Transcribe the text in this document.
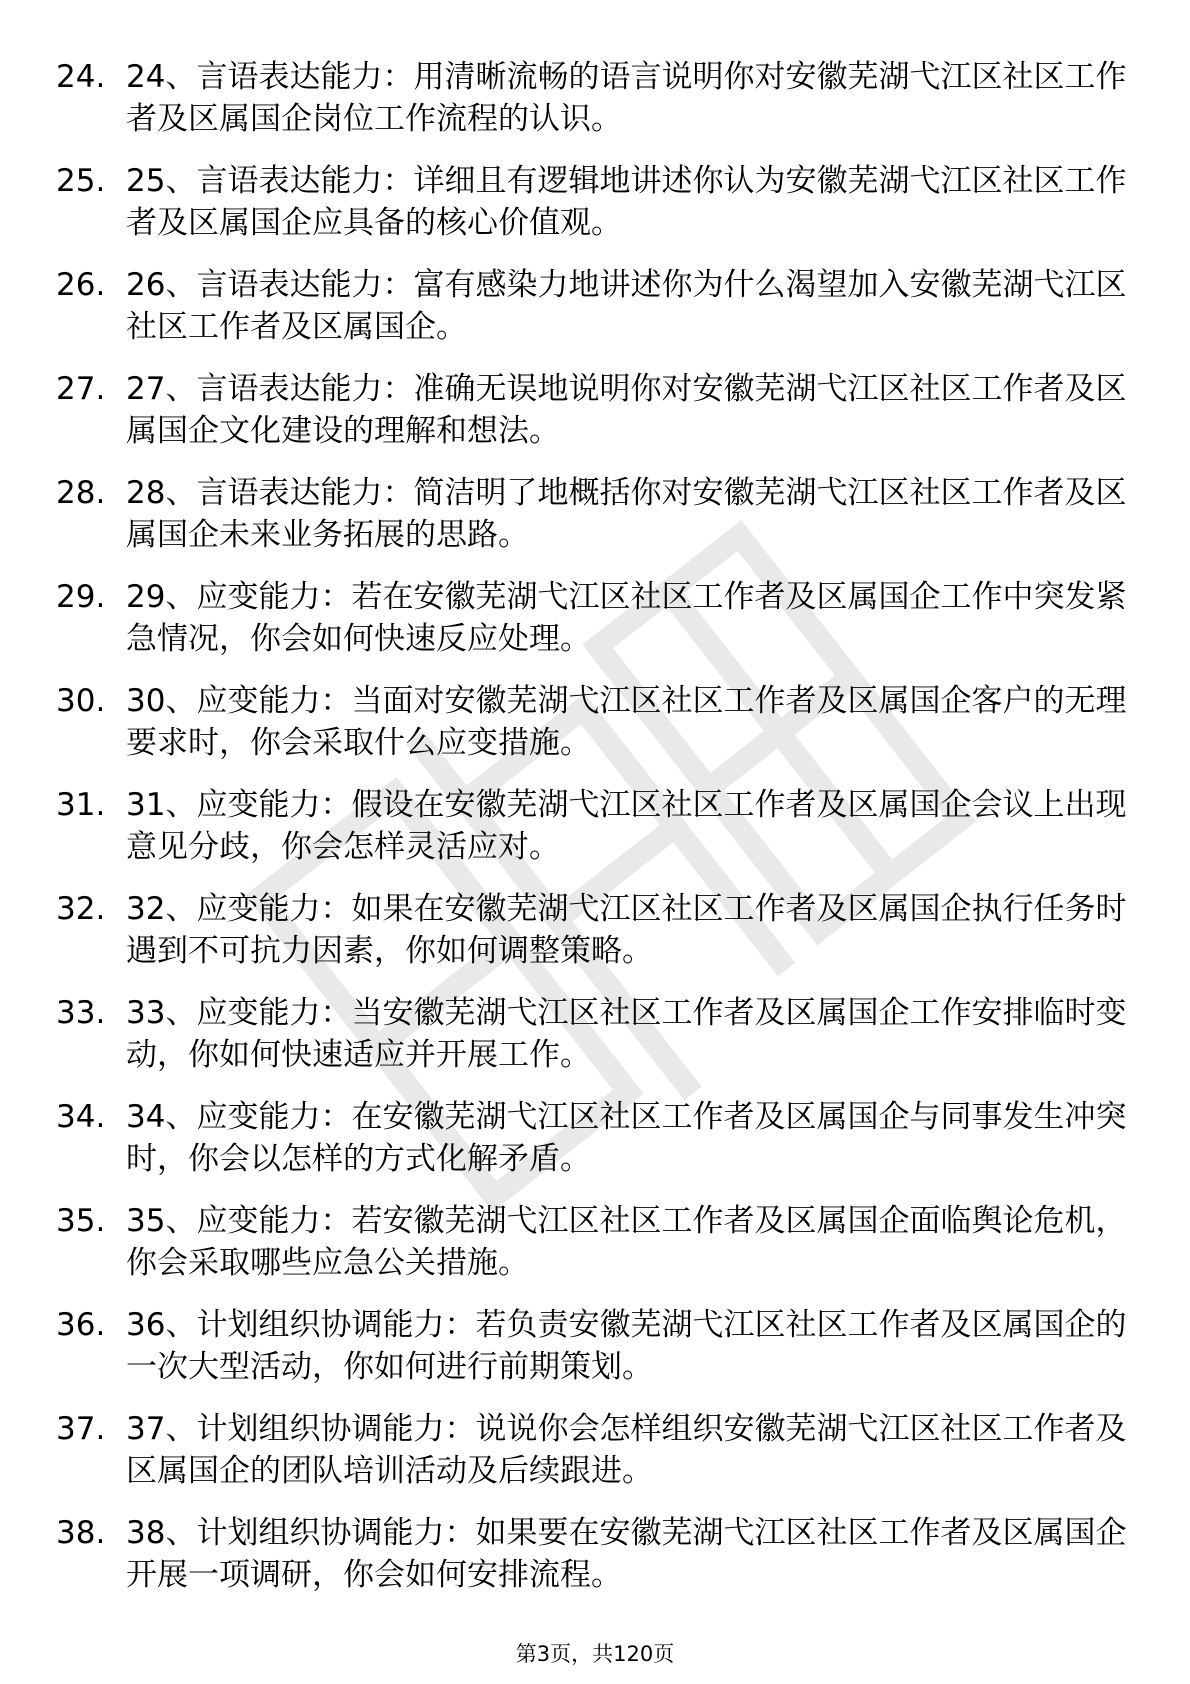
24. 24、言语表达能力：用清晰流畅的语言说明你对安徽芜湖弋江区社区工作者及区属国企岗位工作流程的认识。
25. 25、言语表达能力：详细且有逻辑地讲述你认为安徽芜湖弋江区社区工作者及区属国企应具备的核心价值观。
26. 26、言语表达能力：富有感染力地讲述你为什么渴望加入安徽芜湖弋江区社区工作者及区属国企。
27. 27、言语表达能力：准确无误地说明你对安徽芜湖弋江区社区工作者及区属国企文化建设的理解和想法。
28. 28、言语表达能力：简洁明了地概括你对安徽芜湖弋江区社区工作者及区属国企未来业务拓展的思路。
29. 29、应变能力：若在安徽芜湖弋江区社区工作者及区属国企工作中突发紧急情况，你会如何快速反应处理。
30. 30、应变能力：当面对安徽芜湖弋江区社区工作者及区属国企客户的无理要求时，你会采取什么应变措施。
31. 31、应变能力：假设在安徽芜湖弋江区社区工作者及区属国企会议上出现意见分歧，你会怎样灵活应对。
32. 32、应变能力：如果在安徽芜湖弋江区社区工作者及区属国企执行任务时遇到不可抗力因素，你如何调整策略。
33. 33、应变能力：当安徽芜湖弋江区社区工作者及区属国企工作安排临时变动，你如何快速适应并开展工作。
34. 34、应变能力：在安徽芜湖弋江区社区工作者及区属国企与同事发生冲突时，你会以怎样的方式化解矛盾。
35. 35、应变能力：若安徽芜湖弋江区社区工作者及区属国企面临舆论危机，你会采取哪些应急公关措施。
36. 36、计划组织协调能力：若负责安徽芜湖弋江区社区工作者及区属国企的一次大型活动，你如何进行前期策划。
37. 37、计划组织协调能力：说说你会怎样组织安徽芜湖弋江区社区工作者及区属国企的团队培训活动及后续跟进。
38. 38、计划组织协调能力：如果要在安徽芜湖弋江区社区工作者及区属国企开展一项调研，你会如何安排流程。
第3页，共120页
